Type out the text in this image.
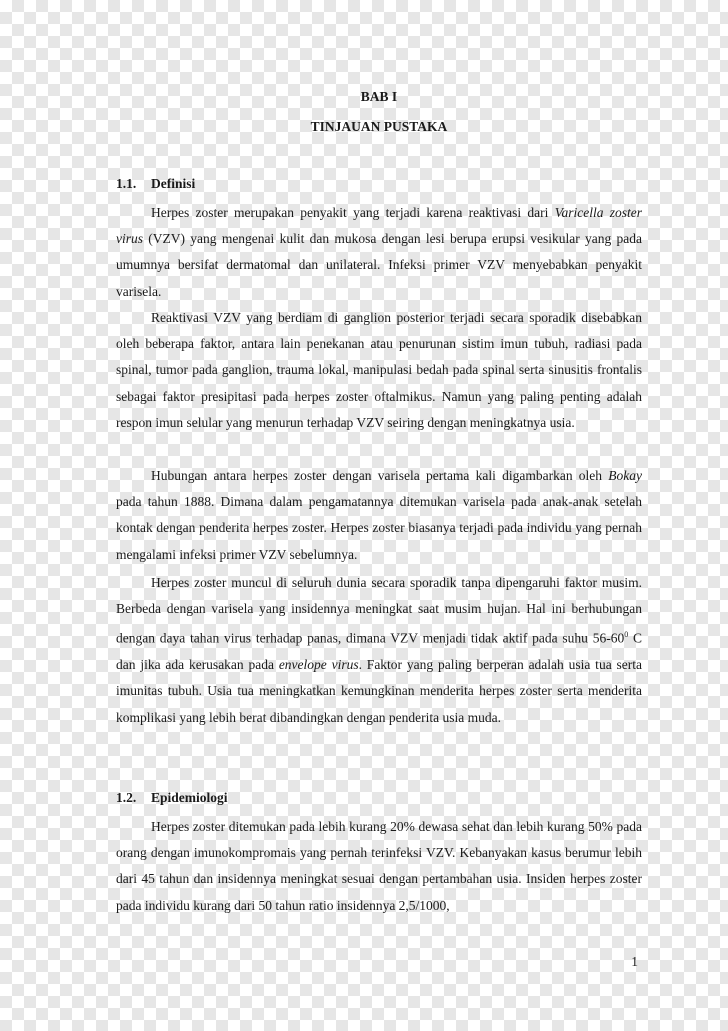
BAB I
TINJAUAN PUSTAKA
1.1. Definisi

Herpes zoster merupakan penyakit yang terjadi karena reaktivasi dari Varicella zoster virus (VZV) yang mengenai kulit dan mukosa dengan lesi berupa erupsi vesikular yang pada umumnya bersifat dermatomal dan unilateral. Infeksi primer VZV menyebabkan penyakit varisela.

Reaktivasi VZV yang berdiam di ganglion posterior terjadi secara sporadik disebabkan oleh beberapa faktor, antara lain penekanan atau penurunan sistim imun tubuh, radiasi pada spinal, tumor pada ganglion, trauma lokal, manipulasi bedah pada spinal serta sinusitis frontalis sebagai faktor presipitasi pada herpes zoster oftalmikus. Namun yang paling penting adalah respon imun selular yang menurun terhadap VZV seiring dengan meningkatnya usia.

Hubungan antara herpes zoster dengan varisela pertama kali digambarkan oleh Bokay pada tahun 1888. Dimana dalam pengamatannya ditemukan varisela pada anak-anak setelah kontak dengan penderita herpes zoster. Herpes zoster biasanya terjadi pada individu yang pernah mengalami infeksi primer VZV sebelumnya.

Herpes zoster muncul di seluruh dunia secara sporadik tanpa dipengaruhi faktor musim. Berbeda dengan varisela yang insidennya meningkat saat musim hujan. Hal ini berhubungan dengan daya tahan virus terhadap panas, dimana VZV menjadi tidak aktif pada suhu $56-60^0$ C dan jika ada kerusakan pada envelope virus. Faktor yang paling berperan adalah usia tua serta imunitas tubuh. Usia tua meningkatkan kemungkinan menderita herpes zoster serta menderita komplikasi yang lebih berat dibandingkan dengan penderita usia muda.

1.2. Epidemiologi

Herpes zoster ditemukan pada lebih kurang 20% dewasa sehat dan lebih kurang 50% pada orang dengan imunokompromais yang pernah terinfeksi VZV. Kebanyakan kasus berumur lebih dari 45 tahun dan insidennya meningkat sesuai dengan pertambahan usia. Insiden herpes zoster pada individu kurang dari 50 tahun ratio insidennya 2,5/1000,

1
